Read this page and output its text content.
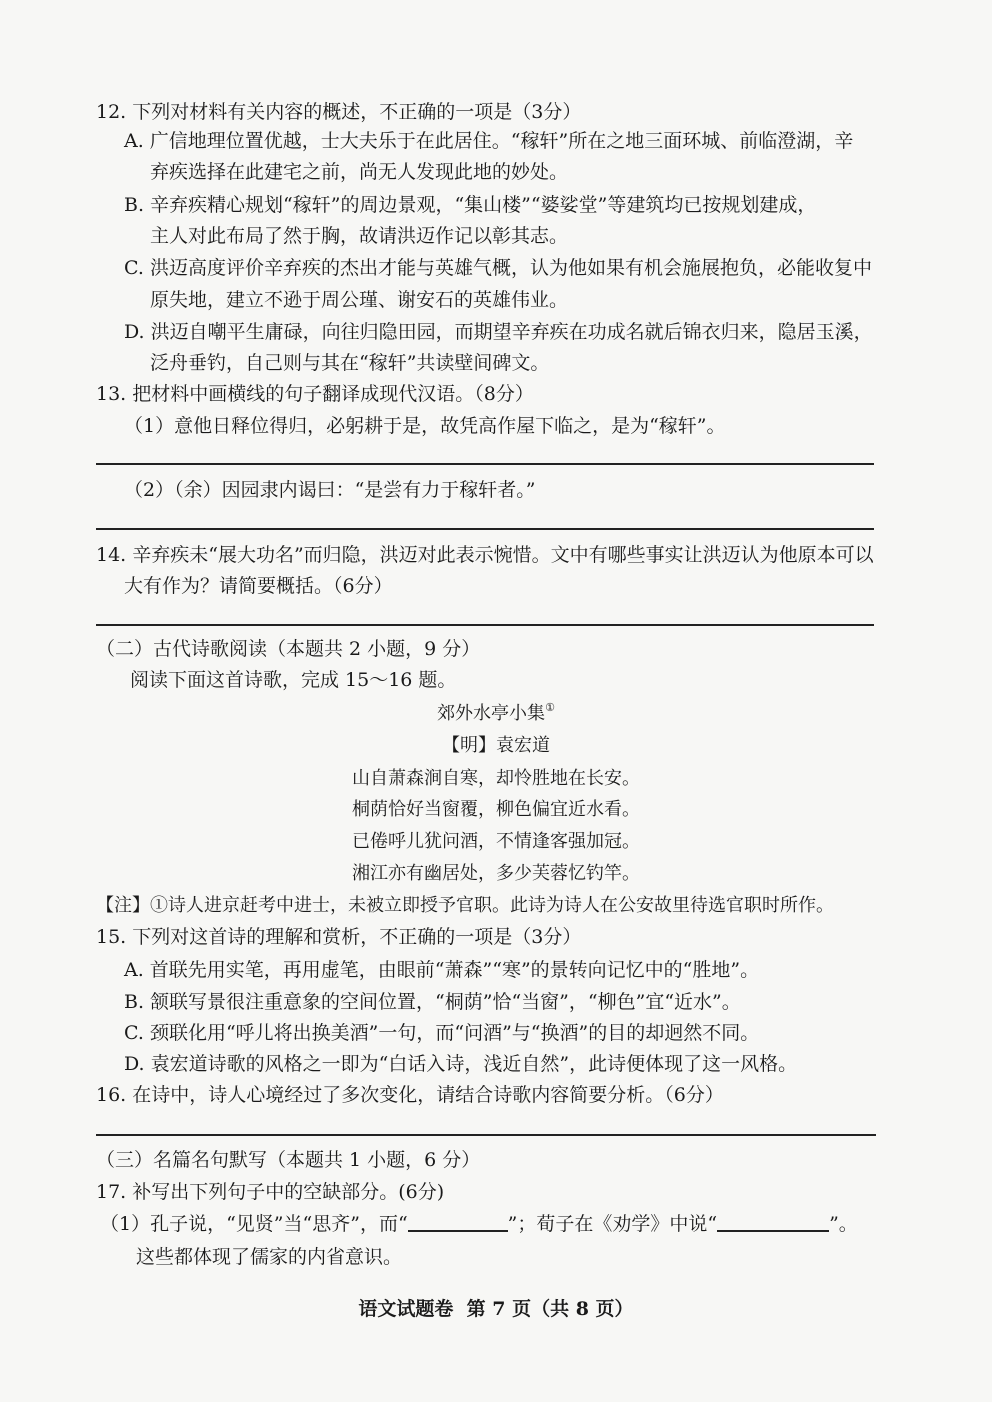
12. 下列对材料有关内容的概述，不正确的一项是（3分）
A. 广信地理位置优越，士大夫乐于在此居住。“稼轩”所在之地三面环城、前临澄湖，辛
弃疾选择在此建宅之前，尚无人发现此地的妙处。
B. 辛弃疾精心规划“稼轩”的周边景观，“集山楼”“婆娑堂”等建筑均已按规划建成，
主人对此布局了然于胸，故请洪迈作记以彰其志。
C. 洪迈高度评价辛弃疾的杰出才能与英雄气概，认为他如果有机会施展抱负，必能收复中
原失地，建立不逊于周公瑾、谢安石的英雄伟业。
D. 洪迈自嘲平生庸碌，向往归隐田园，而期望辛弃疾在功成名就后锦衣归来，隐居玉溪，
泛舟垂钓，自己则与其在“稼轩”共读壁间碑文。
13. 把材料中画横线的句子翻译成现代汉语。（8分）
（1）意他日释位得归，必躬耕于是，故凭高作屋下临之，是为“稼轩”。
（2）（余）因园隶内谒曰：“是尝有力于稼轩者。”
14. 辛弃疾未“展大功名”而归隐，洪迈对此表示惋惜。文中有哪些事实让洪迈认为他原本可以
大有作为？请简要概括。（6分）
（二）古代诗歌阅读（本题共 2 小题，9 分）
阅读下面这首诗歌，完成 15～16 题。
郊外水亭小集①
【明】袁宏道
山自萧森涧自寒，却怜胜地在长安。
桐荫恰好当窗覆，柳色偏宜近水看。
已倦呼儿犹问酒，不情逢客强加冠。
湘江亦有幽居处，多少芙蓉忆钓竿。
【注】①诗人进京赶考中进士，未被立即授予官职。此诗为诗人在公安故里待选官职时所作。
15. 下列对这首诗的理解和赏析，不正确的一项是（3分）
A. 首联先用实笔，再用虚笔，由眼前“萧森”“寒”的景转向记忆中的“胜地”。
B. 颔联写景很注重意象的空间位置，“桐荫”恰“当窗”，“柳色”宜“近水”。
C. 颈联化用“呼儿将出换美酒”一句，而“问酒”与“换酒”的目的却迥然不同。
D. 袁宏道诗歌的风格之一即为“白话入诗，浅近自然”，此诗便体现了这一风格。
16. 在诗中，诗人心境经过了多次变化，请结合诗歌内容简要分析。（6分）
（三）名篇名句默写（本题共 1 小题，6 分）
17. 补写出下列句子中的空缺部分。(6分)
（1）孔子说，“见贤”当“思齐”，而“	”；荀子在《劝学》中说“	”。
这些都体现了儒家的内省意识。
语文试题卷  第 7 页（共 8 页）
